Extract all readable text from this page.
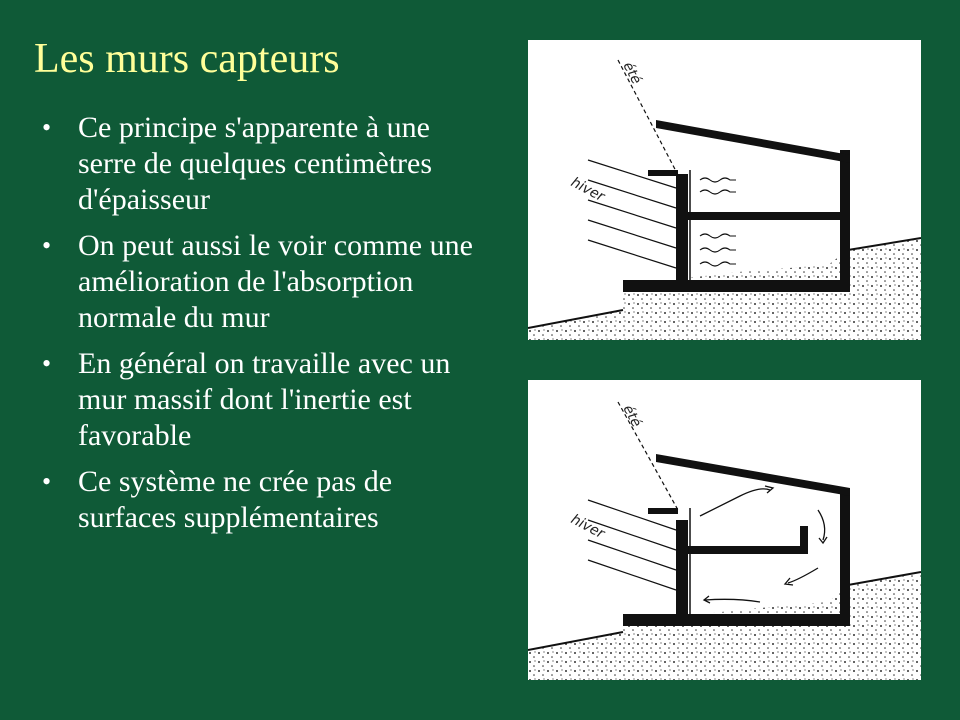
Les murs capteurs
• Ce principe s'apparente à une serre de quelques centimètres d'épaisseur
• On peut aussi le voir comme une amélioration de l'absorption normale du mur
• En général on travaille avec un mur massif dont l'inertie est favorable
• Ce système ne crée pas de surfaces supplémentaires
été
hiver
été
hiver
